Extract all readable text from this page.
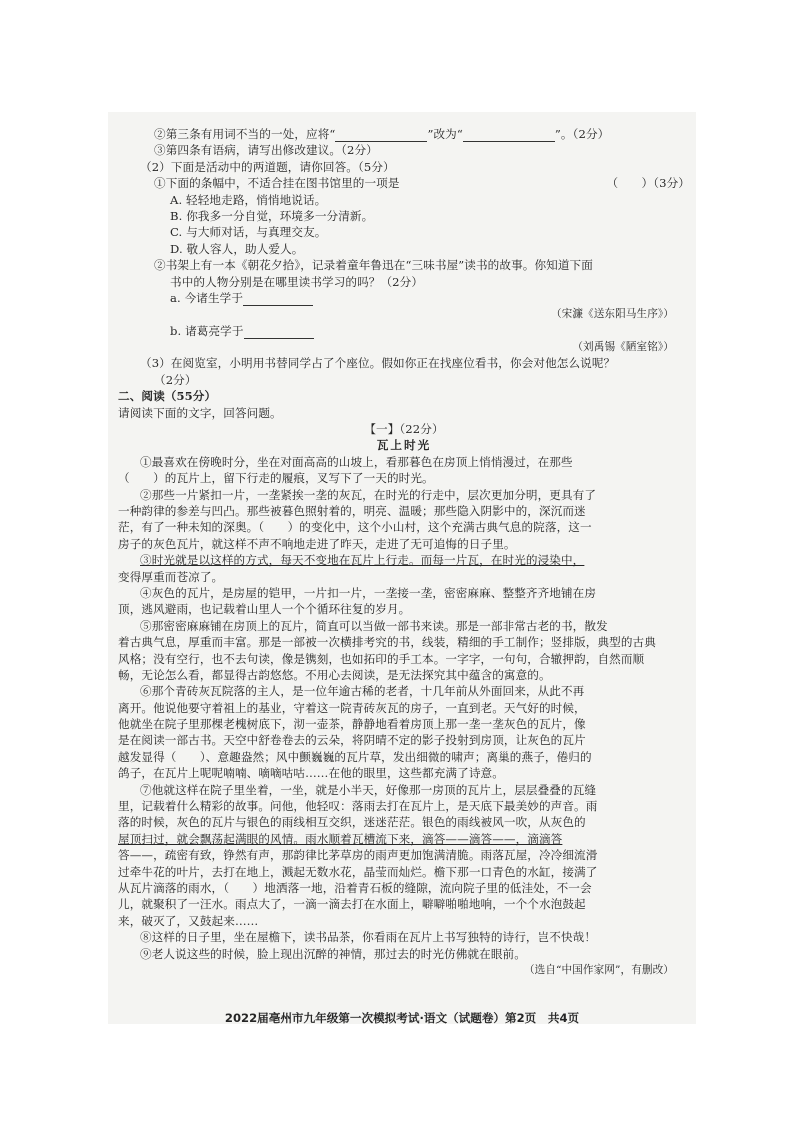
②第三条有用词不当的一处，应将“	”改为“	”。（2分）
③第四条有语病，请写出修改建议。（2分）
（2）下面是活动中的两道题，请你回答。（5分）
①下面的条幅中，不适合挂在图书馆里的一项是	（　　）（3分）
A. 轻轻地走路，悄悄地说话。
B. 你我多一分自觉，环境多一分清新。
C. 与大师对话，与真理交友。
D. 敬人容人，助人爱人。
②书架上有一本《朝花夕拾》，记录着童年鲁迅在“三味书屋”读书的故事。你知道下面
书中的人物分别是在哪里读书学习的吗？（2分）
a. 今诸生学于
（宋濂《送东阳马生序》）
b. 诸葛亮学于
（刘禹锡《陋室铭》）
（3）在阅览室，小明用书替同学占了个座位。假如你正在找座位看书，你会对他怎么说呢？
（2分）
二、阅读（55分）
请阅读下面的文字，回答问题。
【一】（22分）
瓦上时光
①最喜欢在傍晚时分，坐在对面高高的山坡上，看那暮色在房顶上悄悄漫过，在那些
（　　）的瓦片上，留下行走的履痕，叉写下了一天的时光。
②那些一片紧扣一片，一垄紧挨一垄的灰瓦，在时光的行走中，层次更加分明，更具有了
一种韵律的参差与凹凸。那些被暮色照射着的，明亮、温暖；那些隐入阴影中的，深沉而迷
茫，有了一种未知的深奥。（　　）的变化中，这个小山村，这个充满古典气息的院落，这一
房子的灰色瓦片，就这样不声不响地走进了昨天，走进了无可追悔的日子里。
③时光就是以这样的方式，每天不变地在瓦片上行走。而每一片瓦，在时光的浸染中，
变得厚重而苍凉了。
④灰色的瓦片，是房屋的铠甲，一片扣一片，一垄接一垄，密密麻麻、整整齐齐地铺在房
顶，逃风避雨，也记载着山里人一个个循环往复的岁月。
⑤那密密麻麻铺在房顶上的瓦片，简直可以当做一部书来读。那是一部非常古老的书，散发
着古典气息，厚重而丰富。那是一部被一次横排考究的书，线装，精细的手工制作；竖排版，典型的古典
风格；没有空行，也不去句读，像是镌刻，也如拓印的手工本。一字字，一句句，合辙押韵，自然而顺
畅，无论怎么看，都显得古韵悠悠。不用心去阅读，是无法探究其中蕴含的寓意的。
⑥那个青砖灰瓦院落的主人，是一位年逾古稀的老者，十几年前从外面回来，从此不再
离开。他说他要守着祖上的基业，守着这一院青砖灰瓦的房子，一直到老。天气好的时候，
他就坐在院子里那棵老槐树底下，沏一壶茶，静静地看着房顶上那一垄一垄灰色的瓦片，像
是在阅读一部古书。天空中舒卷卷去的云朵，将阴晴不定的影子投射到房顶，让灰色的瓦片
越发显得（　　）、意趣盎然；风中颤巍巍的瓦片草，发出细微的啸声；离巢的燕子，倦归的
鸽子，在瓦片上呢呢喃喃、嘀嘀咕咕……在他的眼里，这些都充满了诗意。
⑦他就这样在院子里坐着，一坐，就是小半天，好像那一房顶的瓦片上，层层叠叠的瓦缝
里，记载着什么精彩的故事。问他，他轻叹：落雨去打在瓦片上，是天底下最美妙的声音。雨
落的时候，灰色的瓦片与银色的雨线相互交织，迷迷茫茫。银色的雨线被风一吹，从灰色的
屋顶扫过，就会飘荡起满眼的风情。雨水顺着瓦槽流下来，滴答——滴答——，滴滴答
答——，疏密有致，铮然有声，那韵律比茅草房的雨声更加饱满清脆。雨落瓦屋，冷冷细流滑
过牵牛花的叶片，去打在地上，溅起无数水花，晶莹而灿烂。檐下那一口青色的水缸，接满了
从瓦片滴落的雨水，（　　）地洒落一地，沿着青石板的缝隙，流向院子里的低洼处，不一会
儿，就聚积了一汪水。雨点大了，一滴一滴去打在水面上，噼噼啪啪地响，一个个水泡鼓起
来，破灭了，又鼓起来……
⑧这样的日子里，坐在屋檐下，读书品茶，你看雨在瓦片上书写独特的诗行，岂不快哉！
⑨老人说这些的时候，脸上现出沉醉的神情，那过去的时光仿佛就在眼前。
（选自“中国作家网”，有删改）
2022届亳州市九年级第一次模拟考试·语文（试题卷）第2页　共4页
